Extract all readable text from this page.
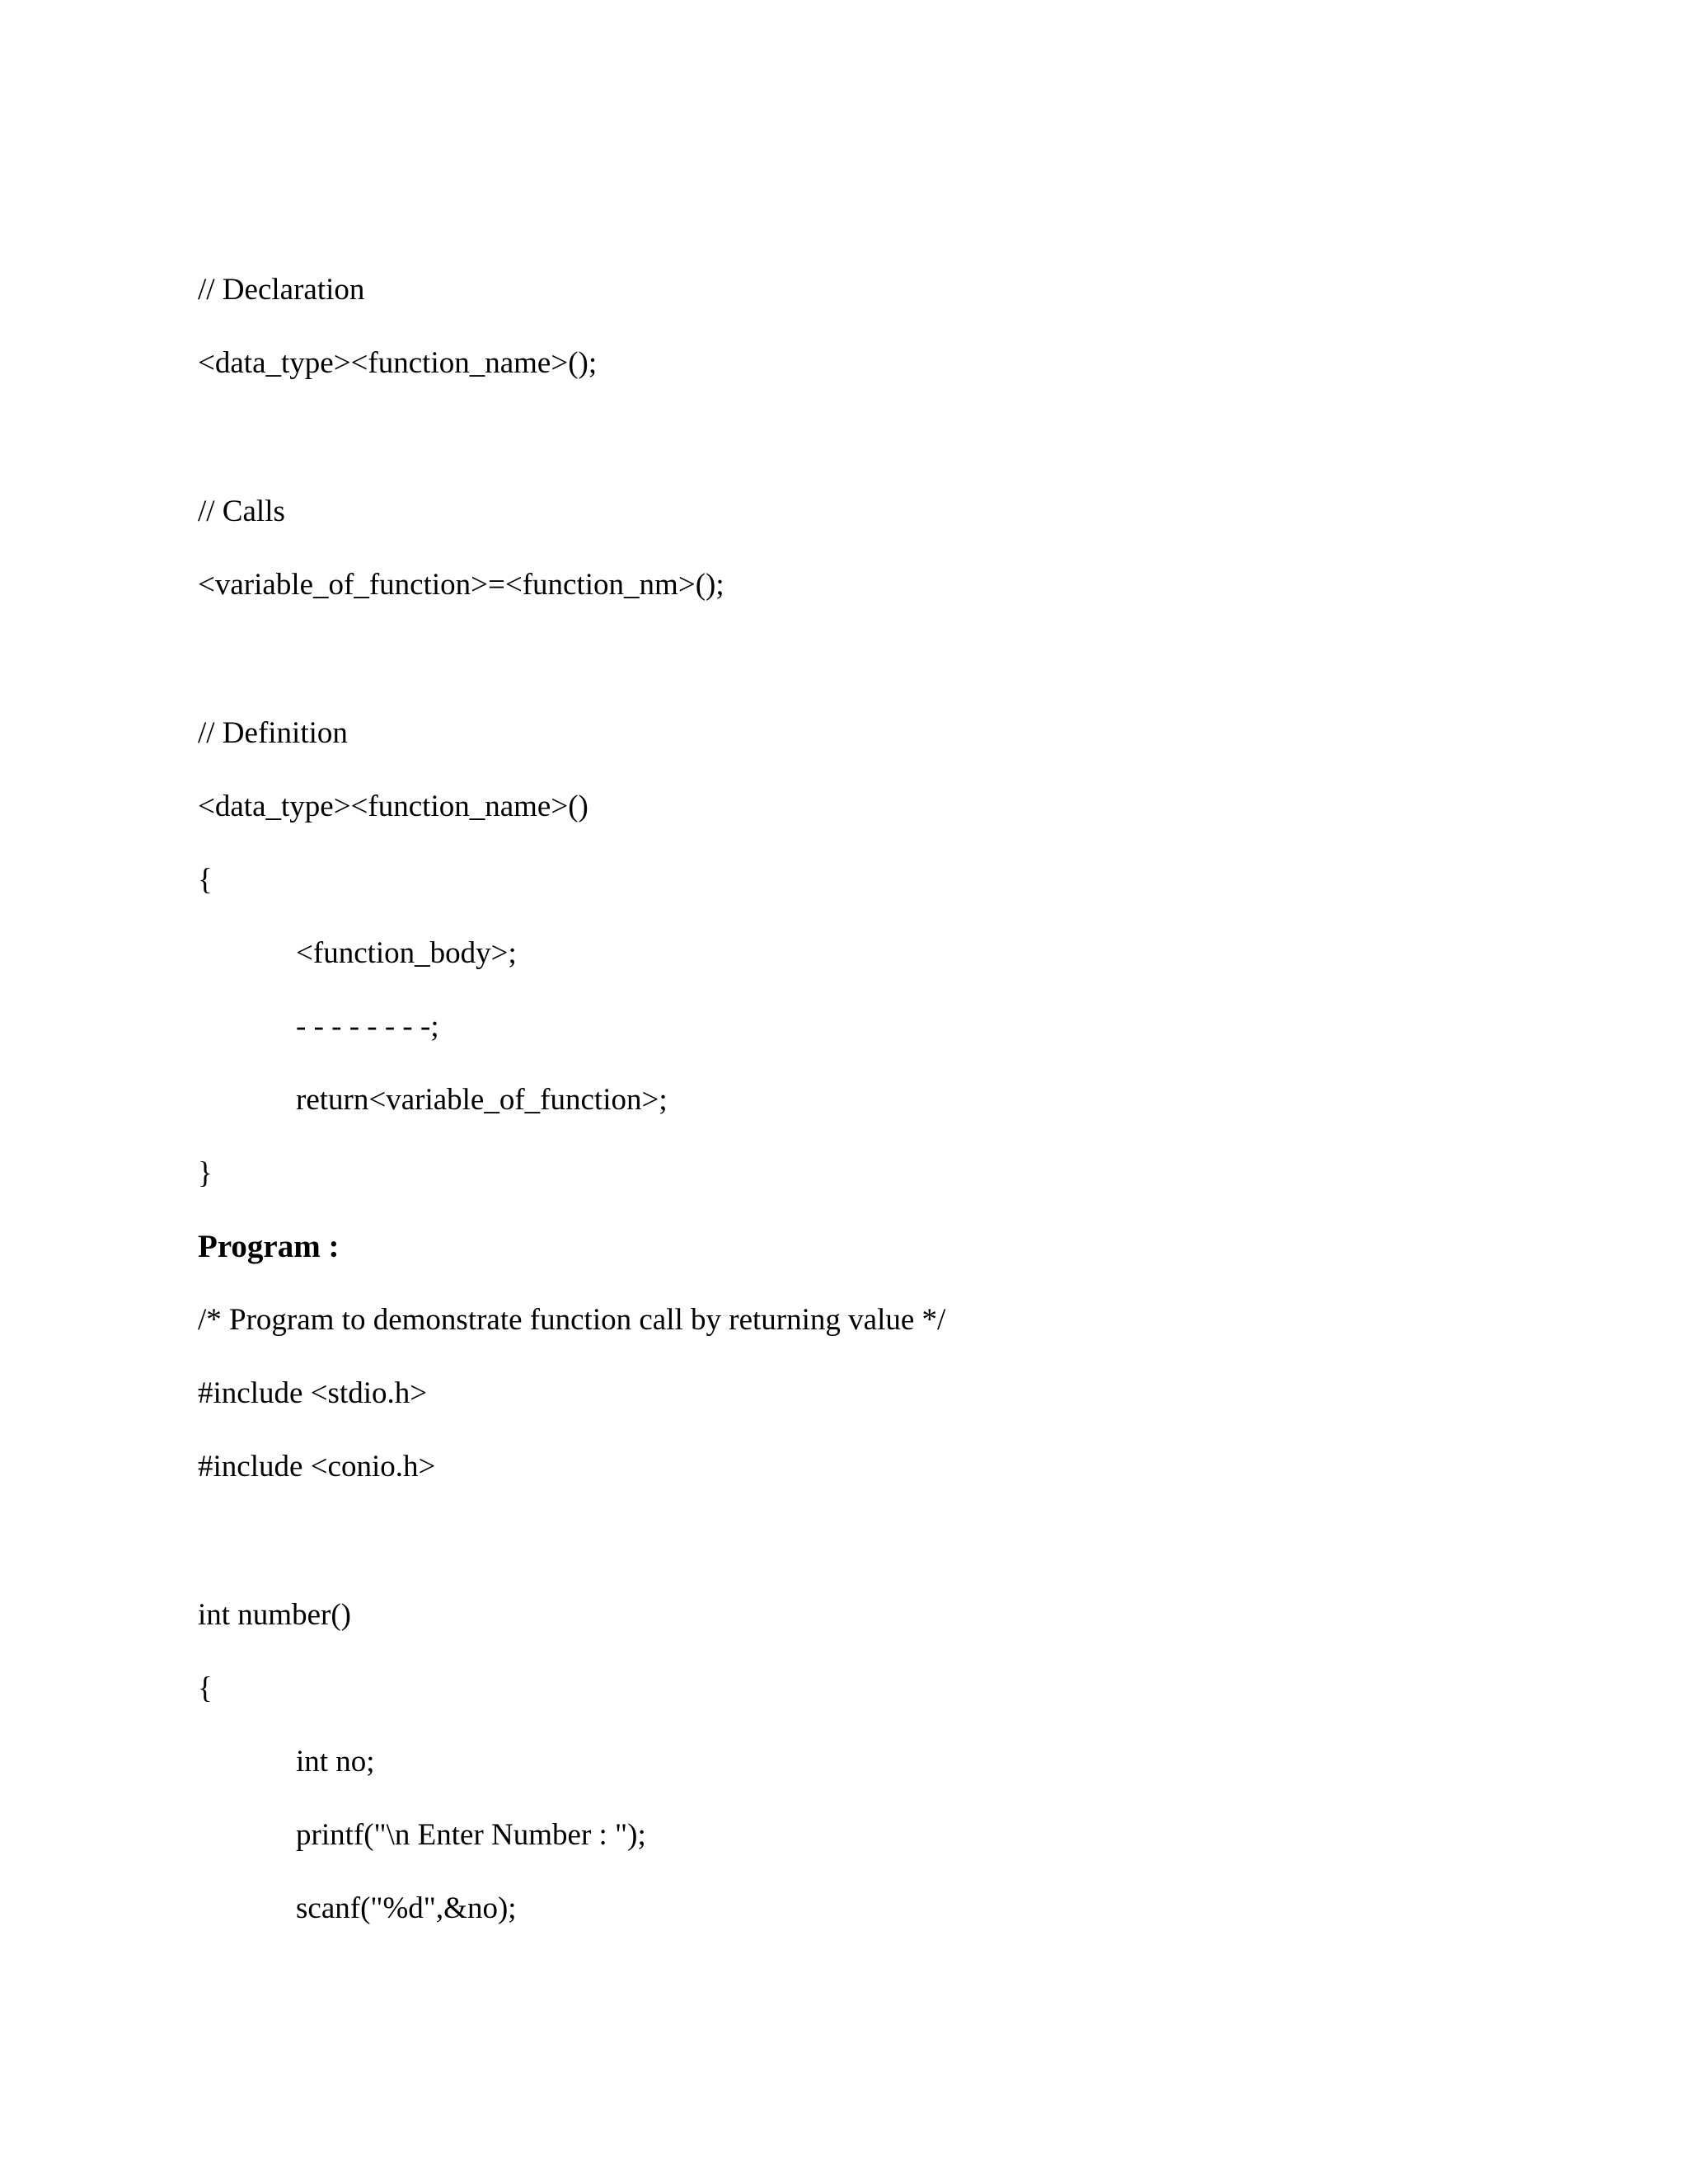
// Declaration
<data_type><function_name>();
// Calls
<variable_of_function>=<function_nm>();
// Definition
<data_type><function_name>()
{
<function_body>;
- - - - - - - -;
return<variable_of_function>;
}
Program :
/* Program to demonstrate function call by returning value */
#include <stdio.h>
#include <conio.h>
int number()
{
int no;
printf("\n Enter Number : ");
scanf("%d",&no);
